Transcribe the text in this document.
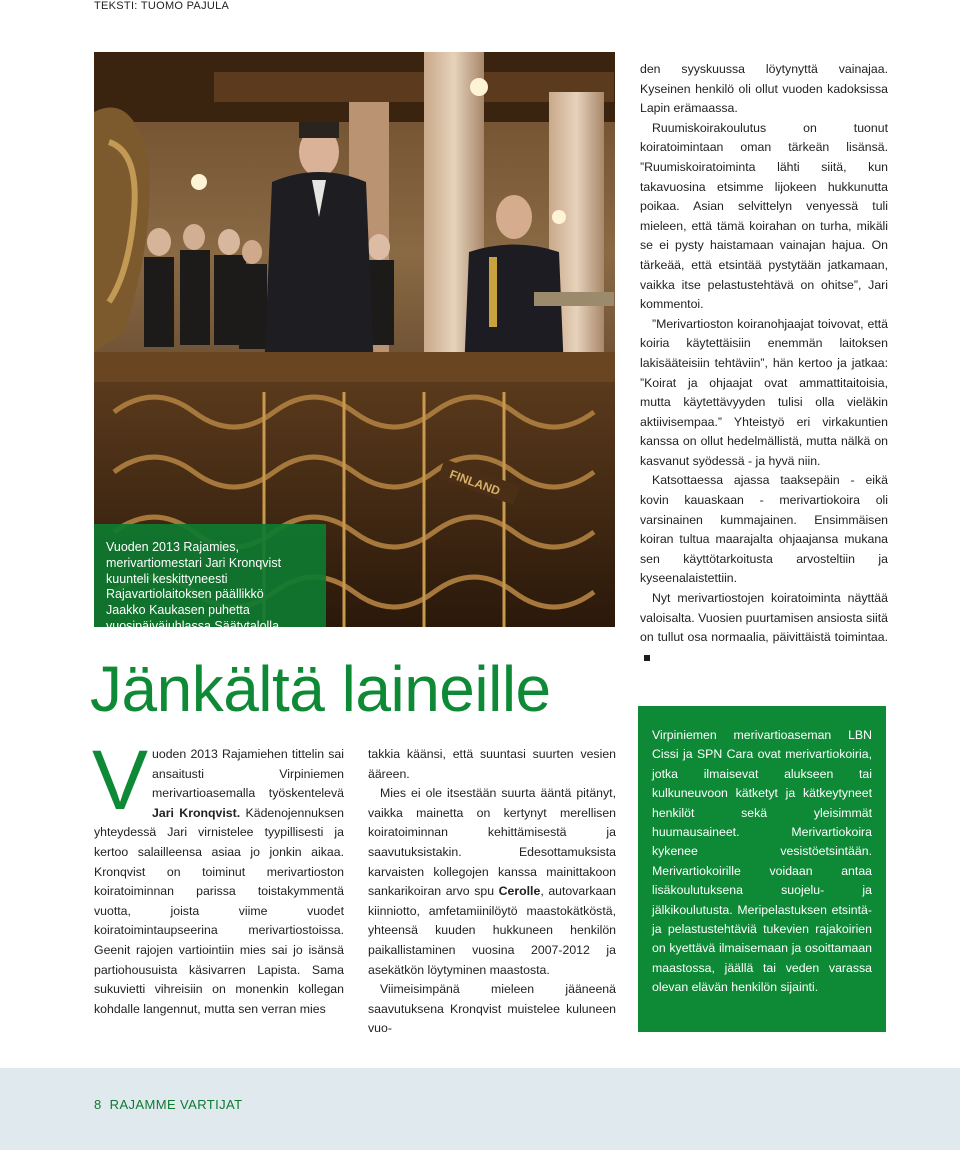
TEKSTI: TUOMO PAJULA
FINLAND

Vuoden 2013 Rajamies,

merivartiomestari Jari Kronqvist

kuunteli keskittyneesti

Rajavartiolaitoksen päällikkö

Jaakko Kaukasen puhetta

vuosipäiväjuhlassa Säätytalolla.

KUVA: NINA KAVERINEN

den syyskuussa löytynyttä vainajaa. Kyseinen henkilö oli ollut vuoden kadoksissa Lapin erämaassa.

Ruumiskoirakoulutus on tuonut koiratoimintaan oman tärkeän lisänsä. ”Ruumiskoiratoiminta lähti siitä, kun takavuosina etsimme lijokeen hukkunutta poikaa. Asian selvittelyn venyessä tuli mieleen, että tämä koirahan on turha, mikäli se ei pysty haistamaan vainajan hajua. On tärkeää, että etsintää pystytään jatkamaan, vaikka itse pelastustehtävä on ohitse”, Jari kommentoi.

”Merivartioston koiranohjaajat toivovat, että koiria käytettäisiin enemmän laitoksen lakisääteisiin tehtäviin”, hän kertoo ja jatkaa: ”Koirat ja ohjaajat ovat ammattitaitoisia, mutta käytettävyyden tulisi olla vieläkin aktiivisempaa.” Yhteistyö eri virkakuntien kanssa on ollut hedelmällistä, mutta nälkä on kasvanut syödessä - ja hyvä niin.

Katsottaessa ajassa taaksepäin - eikä kovin kauaskaan - merivartiokoira oli varsinainen kummajainen. Ensimmäisen koiran tultua maarajalta ohjaajansa mukana sen käyttötarkoitusta arvosteltiin ja kyseenalaistettiin.

Nyt merivartiostojen koiratoiminta näyttää valoisalta. Vuosien puurtamisen ansiosta siitä on tullut osa normaalia, päivittäistä toimintaa.

Jänkältä laineille

Vuoden 2013 Rajamiehen tittelin sai ansaitusti Virpiniemen merivartioasemalla työskentelevä Jari Kronqvist. Kädenojennuksen yhteydessä Jari virnistelee tyypillisesti ja kertoo salailleensa asiaa jo jonkin aikaa. Kronqvist on toiminut merivartioston koiratoiminnan parissa toistakymmentä vuotta, joista viime vuodet koiratoimintaupseerina merivartiostoissa. Geenit rajojen vartiointiin mies sai jo isänsä partiohousuista käsivarren Lapista. Sama sukuvietti vihreisiin on monenkin kollegan kohdalle langennut, mutta sen verran mies

takkia käänsi, että suuntasi suurten vesien ääreen.

Mies ei ole itsestään suurta ääntä pitänyt, vaikka mainetta on kertynyt merellisen koiratoiminnan kehittämisestä ja saavutuksistakin. Edesottamuksista karvaisten kollegojen kanssa mainittakoon sankarikoiran arvo spu Cerolle, autovarkaan kiinniotto, amfetamiinilöytö maastokätköstä, yhteensä kuuden hukkuneen henkilön paikallistaminen vuosina 2007-2012 ja asekätkön löytyminen maastosta.

Viimeisimpänä mieleen jääneenä saavutuksena Kronqvist muistelee kuluneen vuo-

Virpiniemen merivartioaseman LBN Cissi ja SPN Cara ovat merivartiokoiria, jotka ilmaisevat alukseen tai kulkuneuvoon kätketyt ja kätkeytyneet henkilöt sekä yleisimmät huumausaineet. Merivartiokoira kykenee vesistöetsintään. Merivartiokoirille voidaan antaa lisäkoulutuksena suojelu- ja jälkikoulutusta. Meripelastuksen etsintä- ja pelastustehtäviä tukevien rajakoirien on kyettävä ilmaisemaan ja osoittamaan maastossa, jäällä tai veden varassa olevan elävän henkilön sijainti.

8 RAJAMME VARTIJAT
